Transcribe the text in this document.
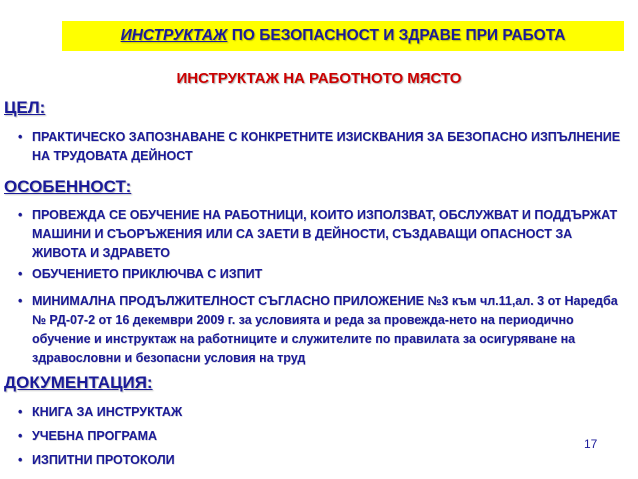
ИНСТРУКТАЖ ПО БЕЗОПАСНОСТ И ЗДРАВЕ ПРИ РАБОТА
ИНСТРУКТАЖ НА РАБОТНОТО МЯСТО
ЦЕЛ:
• ПРАКТИЧЕСКО ЗАПОЗНАВАНЕ С КОНКРЕТНИТЕ ИЗИСКВАНИЯ ЗА БЕЗОПАСНО ИЗПЪЛНЕНИЕ НА ТРУДОВАТА ДЕЙНОСТ
ОСОБЕННОСТ:
• ПРОВЕЖДА СЕ ОБУЧЕНИЕ НА РАБОТНИЦИ, КОИТО ИЗПОЛЗВАТ, ОБСЛУЖВАТ И ПОДДЪРЖАТ МАШИНИ И СЪОРЪЖЕНИЯ ИЛИ СА ЗАЕТИ В ДЕЙНОСТИ, СЪЗДАВАЩИ ОПАСНОСТ ЗА ЖИВОТА И ЗДРАВЕТО
• ОБУЧЕНИЕТО ПРИКЛЮЧВА С ИЗПИТ
• МИНИМАЛНА ПРОДЪЛЖИТЕЛНОСТ СЪГЛАСНО ПРИЛОЖЕНИЕ №3 към чл.11,ал. 3 от Наредба № РД-07-2 от 16 декември 2009 г. за условията и реда за провежда-нето на периодично обучение и инструктаж на работниците и служителите по правилата за осигуряване на здравословни и безопасни условия на труд
ДОКУМЕНТАЦИЯ:
• КНИГА ЗА ИНСТРУКТАЖ
• УЧЕБНА ПРОГРАМА
• ИЗПИТНИ ПРОТОКОЛИ
17
